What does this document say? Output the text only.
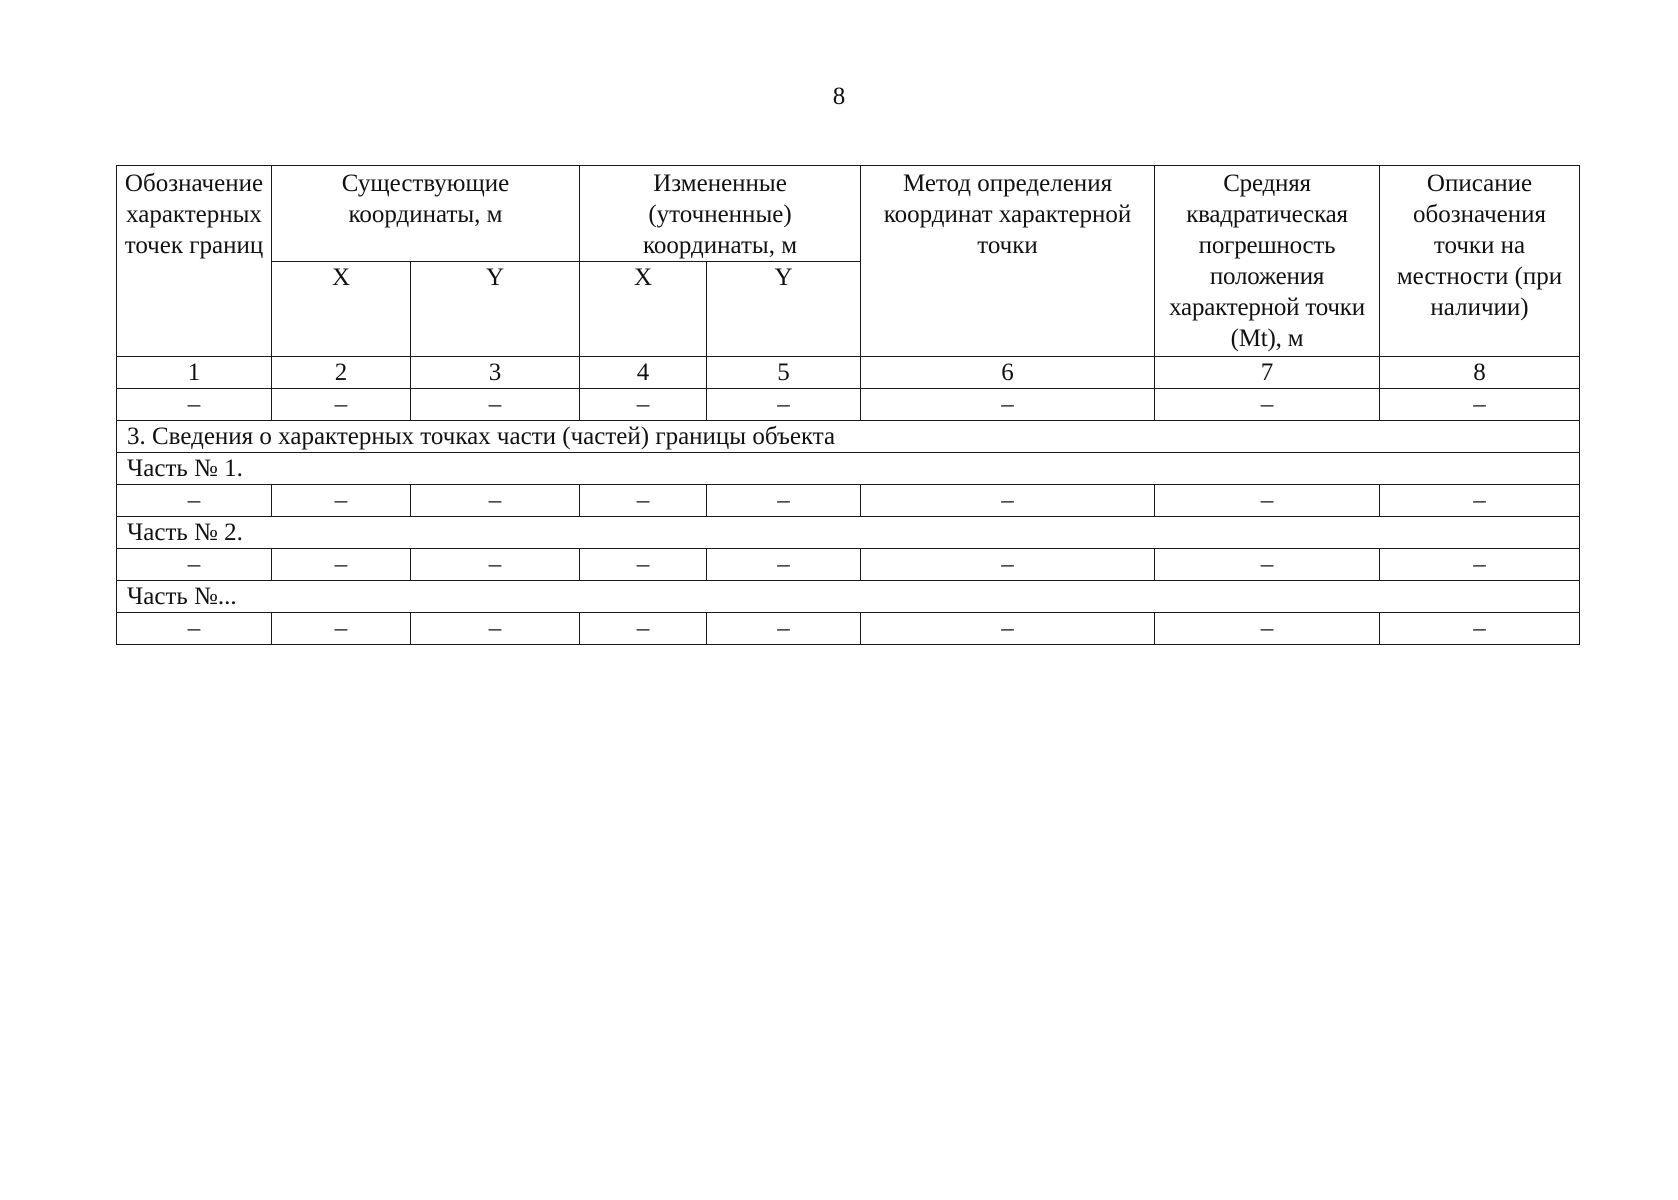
8
Обозначение характерных точек границ	Существующие координаты, м		Измененные (уточненные) координаты, м		Метод определения координат характерной точки	Средняя квадратическая погрешность положения характерной точки (Mt), м	Описание обозначения точки на местности (при наличии)
	X	Y	X	Y			
1	2	3	4	5	6	7	8
–	–	–	–	–	–	–	–
3. Сведения о характерных точках части (частей) границы объекта							
Часть № 1.							
–	–	–	–	–	–	–	–
Часть № 2.							
–	–	–	–	–	–	–	–
Часть №...							
–	–	–	–	–	–	–	–
